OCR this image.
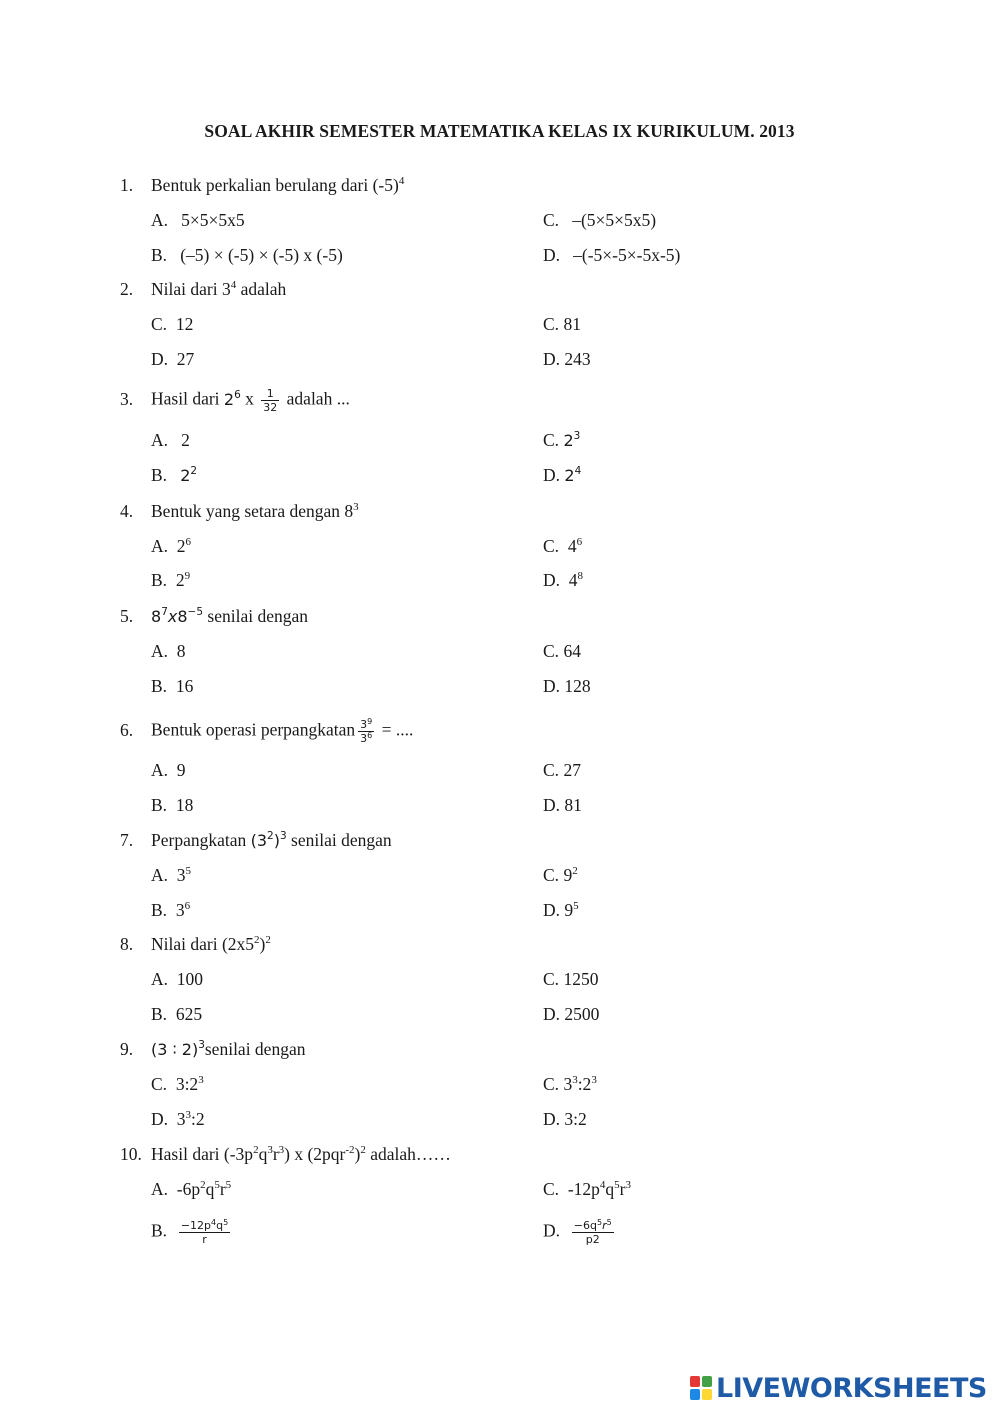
SOAL AKHIR SEMESTER MATEMATIKA KELAS IX KURIKULUM. 2013
1. Bentuk perkalian berulang dari $(-5)^4$
A. 5×5×5x5	C. –(5×5×5x5)
B. (–5) × (-5) × (-5) x (-5)	D. –(-5×-5×-5x-5)
2. Nilai dari $3^4$ adalah
C. 12	C. 81
D. 27	D. 243
3. Hasil dari $2^6$ x $\frac{1}{32}$ adalah ...
A. 2	C. $2^3$
B. $2^2$	D. $2^4$
4. Bentuk yang setara dengan $8^3$
A. $2^6$	C. $4^6$
B. $2^9$	D. $4^8$
5. $8^7x8^{-5}$ senilai dengan
A. 8	C. 64
B. 16	D. 128
6. Bentuk operasi perpangkatan $\frac{3^9}{3^6}$ = ....
A. 9	C. 27
B. 18	D. 81
7. Perpangkatan $(3^2)^3$ senilai dengan
A. $3^5$	C. $9^2$
B. $3^6$	D. $9^5$
8. Nilai dari $(2x5^2)^2$
A. 100	C. 1250
B. 625	D. 2500
9. (3 ∶ 2)$^3$senilai dengan
C. $3:2^3$	C. $3^3:2^3$
D. $3^3:2$	D. 3:2
10. Hasil dari $(-3p^2q^3r^3)$ x $(2pqr^{-2})^2$ adalah……
A. $-6p^2q^5r^5$	C. $-12p^4q^5r^3$
B. $\frac{-12p^4q^5}{r}$	D. $\frac{-6q^5r^5}{p2}$
LIVEWORKSHEETS
